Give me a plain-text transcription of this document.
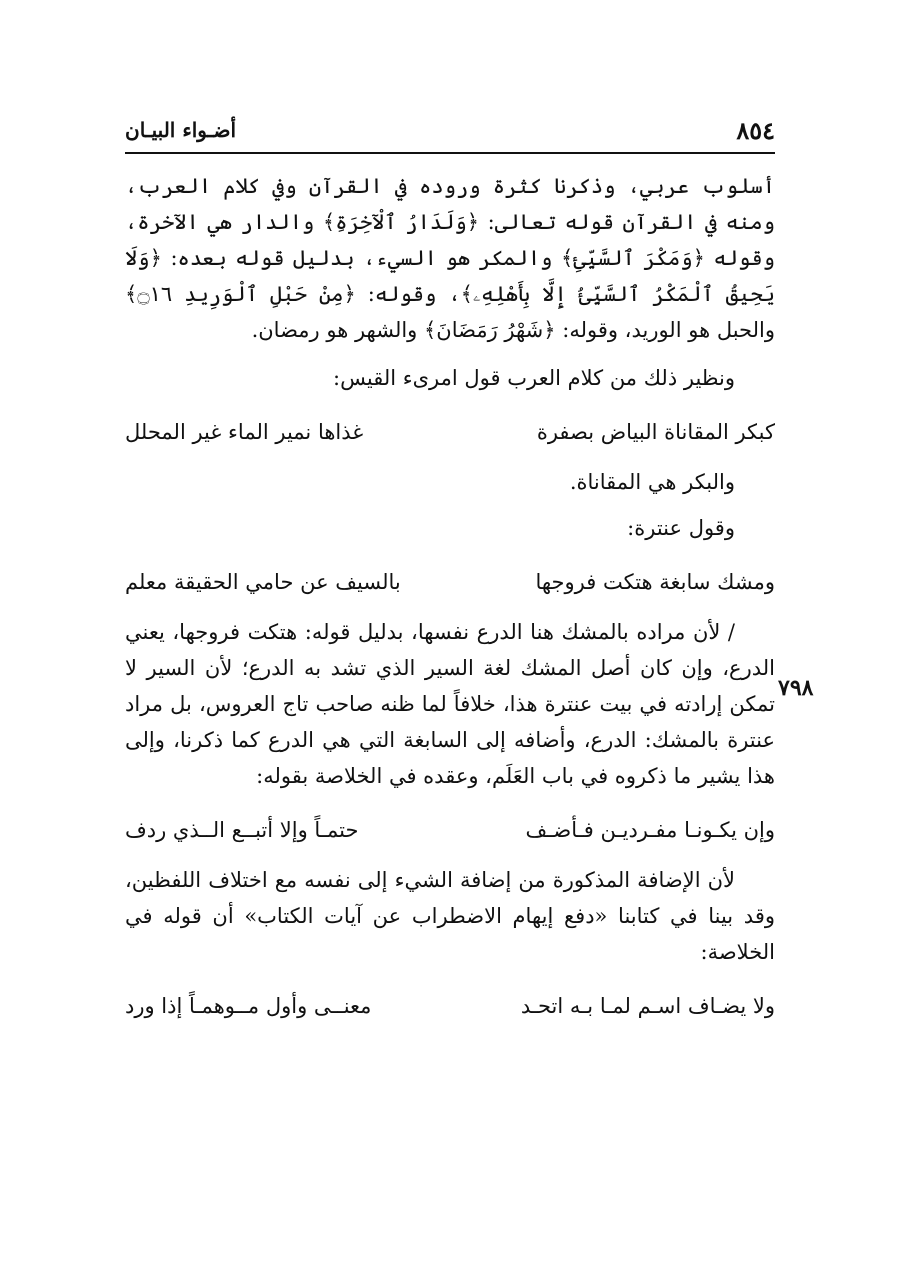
٨٥٤
أضـواء البيـان
٧٩٨

أسلوب عربي، وذكرنا كثرة وروده في القرآن وفي كلام العرب، ومنه في القرآن قوله تعالى: ﴿وَلَدَارُ ٱلْآخِرَةِ﴾ والدار هي الآخرة، وقوله ﴿وَمَكْرَ ٱلسَّيِّئِ﴾ والمكر هو السيء، بدليل قوله بعده: ﴿وَلَا يَحِيقُ ٱلْمَكْرُ ٱلسَّيِّئُ إِلَّا بِأَهْلِهِۦ﴾، وقوله: ﴿مِنْ حَبْلِ ٱلْوَرِيدِ ۝١٦﴾ والحبل هو الوريد، وقوله: ﴿شَهْرُ رَمَضَانَ﴾ والشهر هو رمضان.

ونظير ذلك من كلام العرب قول امرىء القيس:

كبكر المقاناة البياض بصفرة
غذاها نمير الماء غير المحلل

والبكر هي المقاناة.

وقول عنترة:

ومشك سابغة هتكت فروجها
بالسيف عن حامي الحقيقة معلم

/ لأن مراده بالمشك هنا الدرع نفسها، بدليل قوله: هتكت فروجها، يعني الدرع، وإن كان أصل المشك لغة السير الذي تشد به الدرع؛ لأن السير لا تمكن إرادته في بيت عنترة هذا، خلافاً لما ظنه صاحب تاج العروس، بل مراد عنترة بالمشك: الدرع، وأضافه إلى السابغة التي هي الدرع كما ذكرنا، وإلى هذا يشير ما ذكروه في باب العَلَم، وعقده في الخلاصة بقوله:

وإن يكـونـا مفـرديـن فـأضـف
حتمـاً وإلا أتبــع الــذي ردف

لأن الإضافة المذكورة من إضافة الشيء إلى نفسه مع اختلاف اللفظين، وقد بينا في كتابنا «دفع إيهام الاضطراب عن آيات الكتاب» أن قوله في الخلاصة:

ولا يضـاف اسـم لمـا بـه اتحـد
معنــى وأول مــوهمـاً إذا ورد
